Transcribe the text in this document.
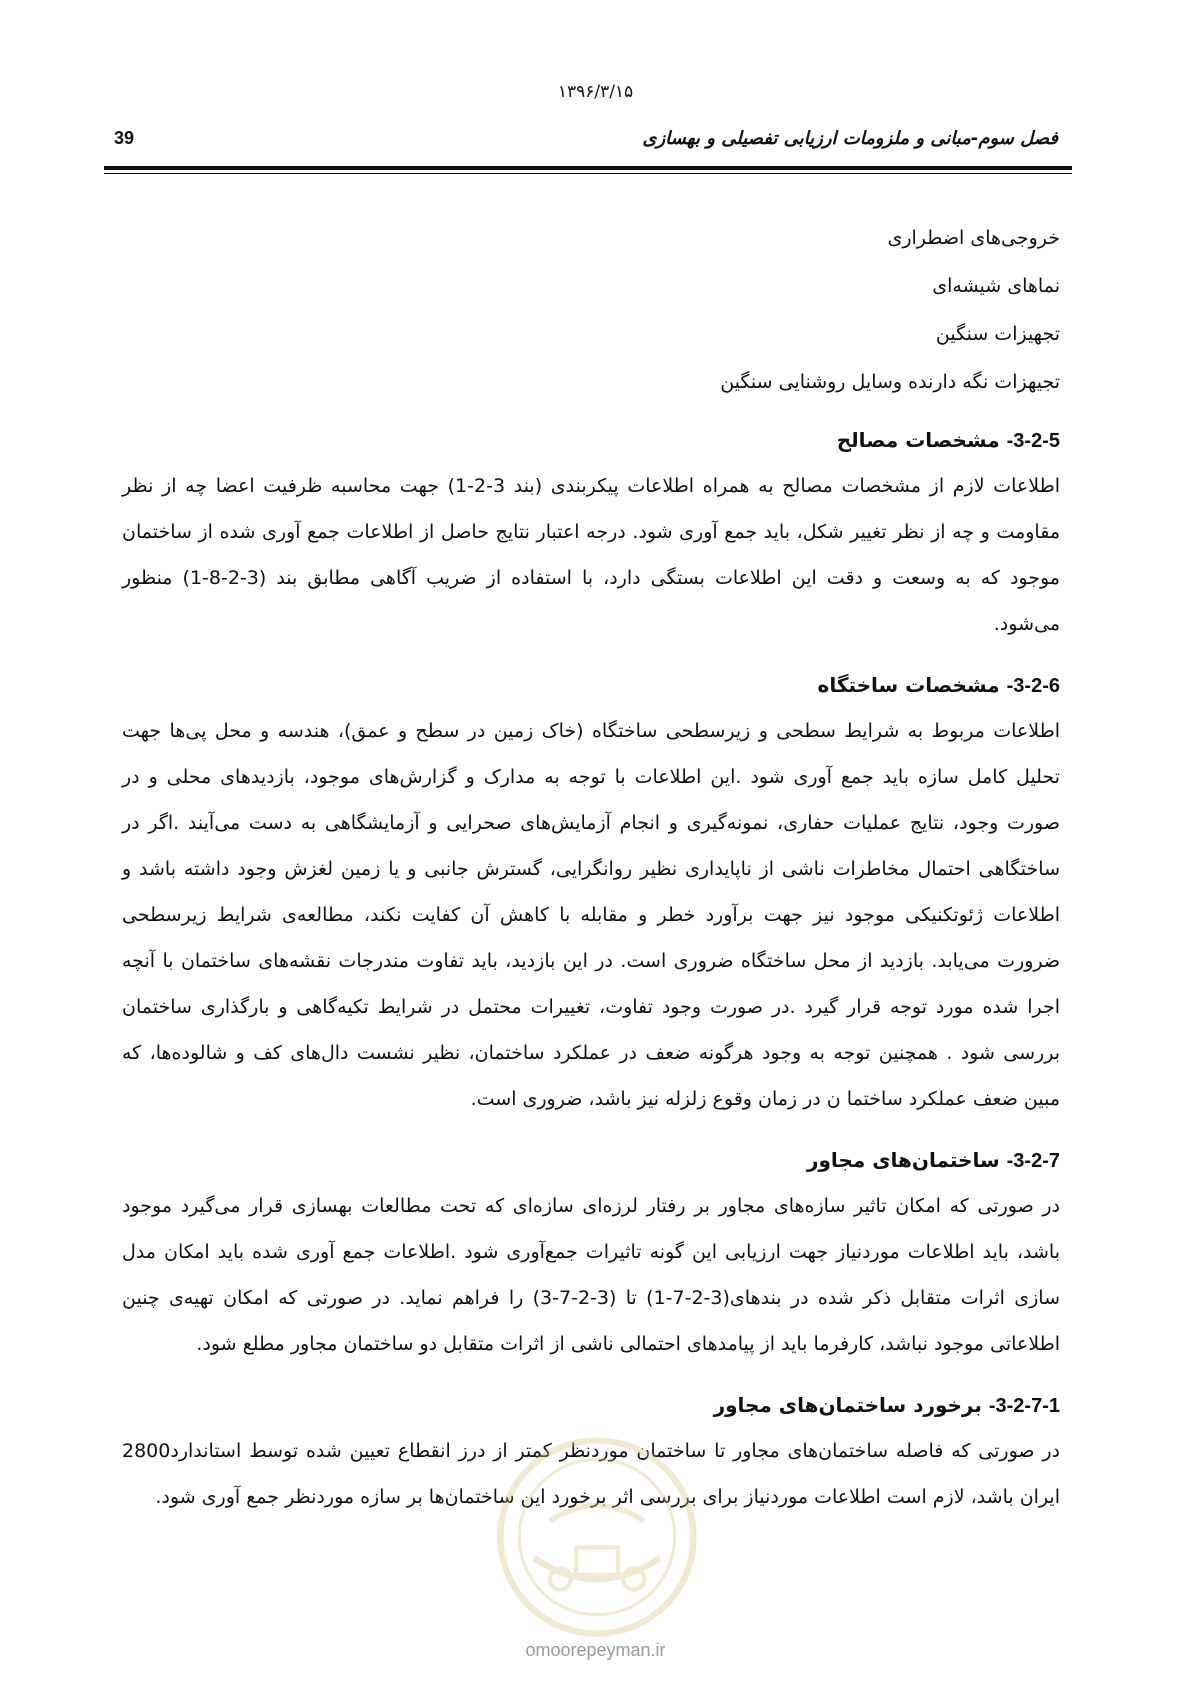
۱۳۹۶/۳/۱۵
39	فصل سوم-مبانی و ملزومات ارزیابی تفصیلی و بهسازی
خروجی‌های اضطراری
نماهای شیشه‌ای
تجهیزات سنگین
تجیهزات نگه دارنده وسایل روشنایی سنگین
3-2-5- مشخصات مصالح

اطلاعات لازم از مشخصات مصالح به همراه اطلاعات پیکربندی (بند 3-2-1) جهت محاسبه ظرفیت اعضا چه از نظر مقاومت و چه از نظر تغییر شکل، باید جمع آوری شود. درجه اعتبار نتایج حاصل از اطلاعات جمع آوری شده از ساختمان موجود که به وسعت و دقت این اطلاعات بستگی دارد، با استفاده از ضریب آگاهی مطابق بند (3-2-8-1) منظور می‌شود.

3-2-6- مشخصات ساختگاه

اطلاعات مربوط به شرایط سطحی و زیرسطحی ساختگاه (خاک زمین در سطح و عمق)، هندسه و محل پی‌ها جهت تحلیل کامل سازه باید جمع آوری شود .این اطلاعات با توجه به مدارک و گزارش‌های موجود، بازدیدهای محلی و در صورت وجود، نتایج عملیات حفاری، نمونه‌گیری و انجام آزمایش‌های صحرایی و آزمایشگاهی به دست می‌آیند .اگر در ساختگاهی احتمال مخاطرات ناشی از ناپایداری نظیر روانگرایی، گسترش جانبی و یا زمین لغزش وجود داشته باشد و اطلاعات ژئوتکنیکی موجود نیز جهت برآورد خطر و مقابله با کاهش آن کفایت نکند، مطالعه‌ی شرایط زیرسطحی ضرورت می‌یابد. بازدید از محل ساختگاه ضروری است. در این بازدید، باید تفاوت مندرجات نقشه‌های ساختمان با آنچه اجرا شده مورد توجه قرار گیرد .در صورت وجود تفاوت، تغییرات محتمل در شرایط تکیه‌گاهی و بارگذاری ساختمان بررسی شود . همچنین توجه به وجود هرگونه ضعف در عملکرد ساختمان، نظیر نشست دال‌های کف و شالوده‌ها، که مبین ضعف عملکرد ساختما ن در زمان وقوع زلزله نیز باشد، ضروری است.

3-2-7- ساختمان‌های مجاور

در صورتی که امکان تاثیر سازه‌های مجاور بر رفتار لرزه‌ای سازه‌ای که تحت مطالعات بهسازی قرار می‌گیرد موجود باشد، باید اطلاعات موردنیاز جهت ارزیابی این گونه تاثیرات جمع‌آوری شود .اطلاعات جمع آوری شده باید امکان مدل سازی اثرات متقابل ذکر شده در بندهای(3-2-7-1) تا (3-2-7-3) را فراهم نماید. در صورتی که امکان تهیه‌ی چنین اطلاعاتی موجود نباشد، کارفرما باید از پیامدهای احتمالی ناشی از اثرات متقابل دو ساختمان مجاور مطلع شود.

3-2-7-1- برخورد ساختمان‌های مجاور

در صورتی که فاصله ساختمان‌های مجاور تا ساختمان موردنظر کمتر از درز انقطاع تعیین شده توسط استاندارد2800 ایران باشد، لازم است اطلاعات موردنیاز برای بررسی اثر برخورد این ساختمان‌ها بر سازه موردنظر جمع آوری شود.

omoorepeyman.ir
